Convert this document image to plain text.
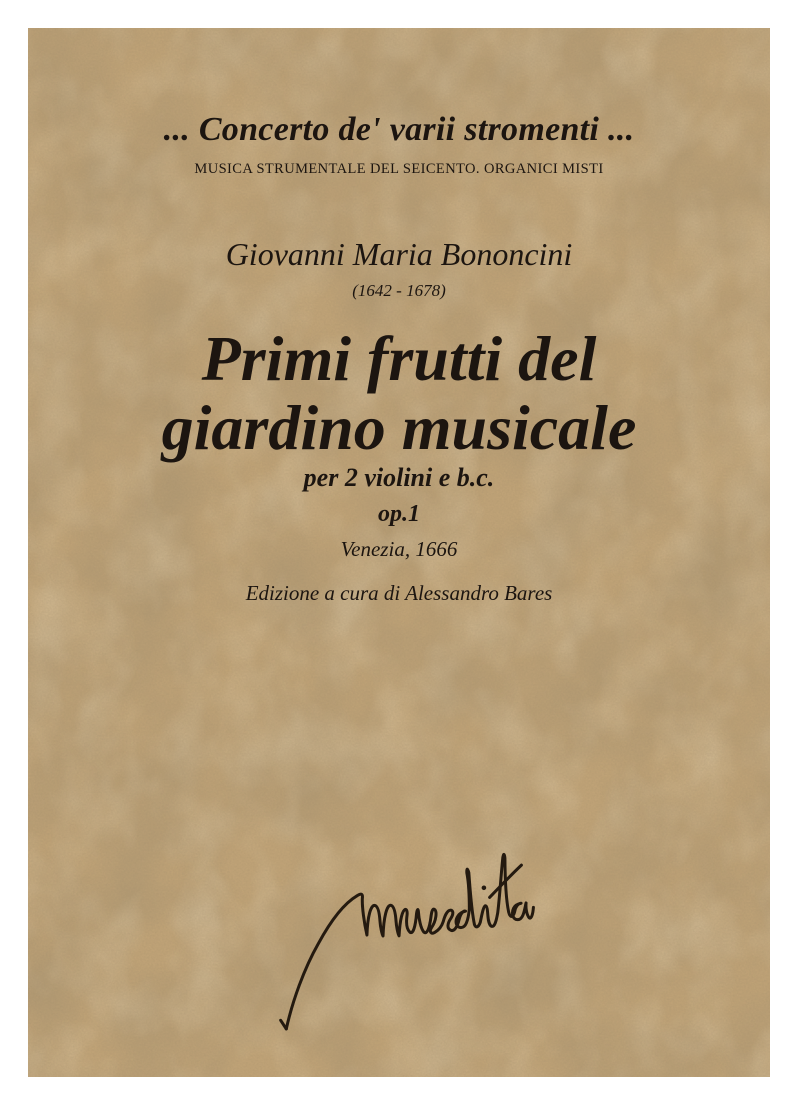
... Concerto de' varii stromenti ...
MUSICA STRUMENTALE DEL SEICENTO. ORGANICI MISTI
Giovanni Maria Bononcini
(1642 - 1678)
Primi frutti del
giardino musicale
per 2 violini e b.c.
op.1
Venezia, 1666
Edizione a cura di Alessandro Bares
